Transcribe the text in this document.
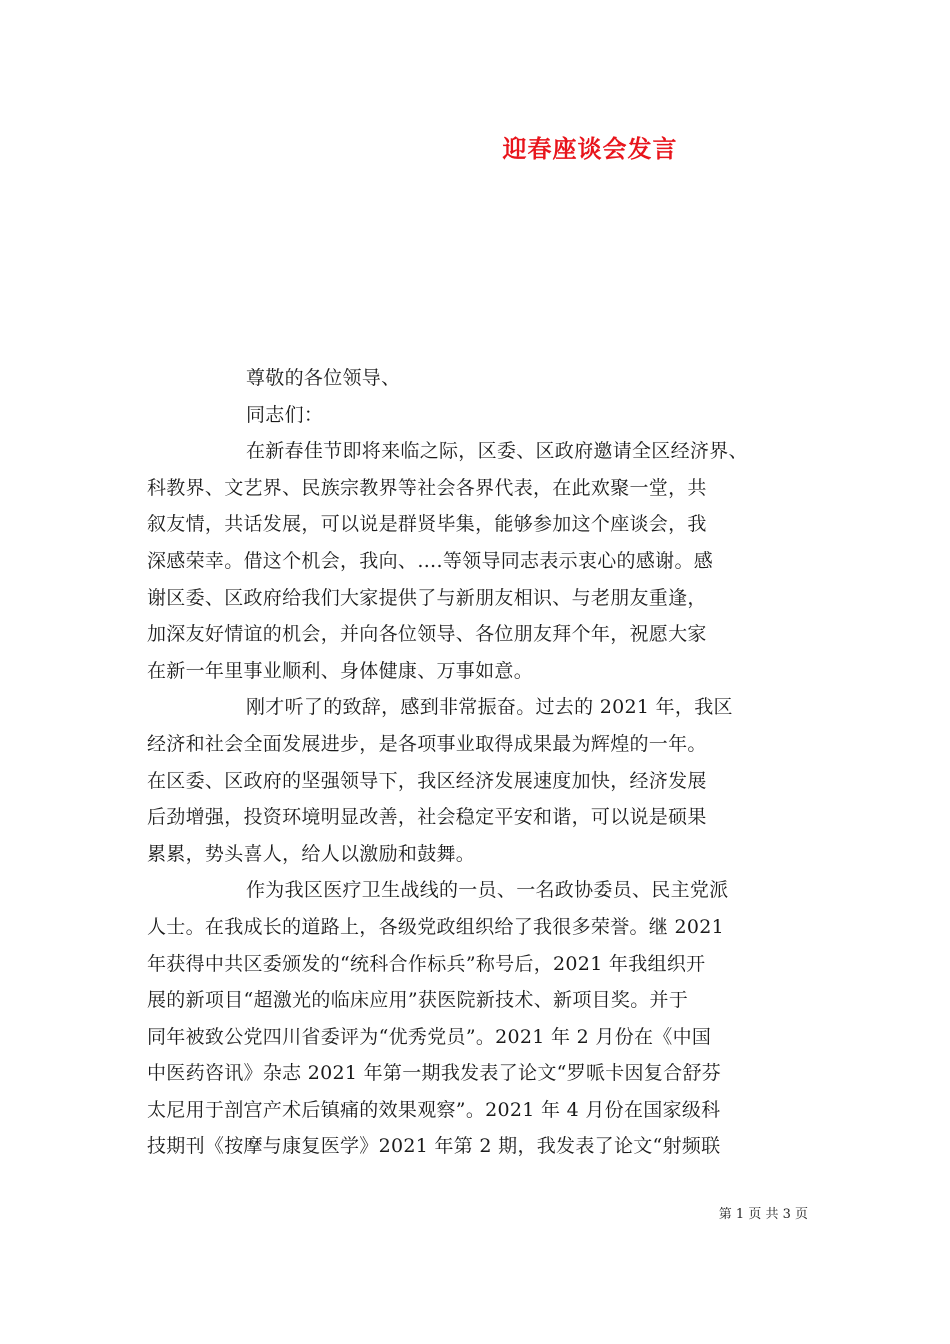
迎春座谈会发言

尊敬的各位领导、

同志们：

在新春佳节即将来临之际，区委、区政府邀请全区经济界、
科教界、文艺界、民族宗教界等社会各界代表，在此欢聚一堂，共
叙友情，共话发展，可以说是群贤毕集，能够参加这个座谈会，我
深感荣幸。借这个机会，我向、….等领导同志表示衷心的感谢。感
谢区委、区政府给我们大家提供了与新朋友相识、与老朋友重逢，
加深友好情谊的机会，并向各位领导、各位朋友拜个年，祝愿大家
在新一年里事业顺利、身体健康、万事如意。
刚才听了的致辞，感到非常振奋。过去的 2021 年，我区
经济和社会全面发展进步，是各项事业取得成果最为辉煌的一年。
在区委、区政府的坚强领导下，我区经济发展速度加快，经济发展
后劲增强，投资环境明显改善，社会稳定平安和谐，可以说是硕果
累累，势头喜人，给人以激励和鼓舞。
作为我区医疗卫生战线的一员、一名政协委员、民主党派
人士。在我成长的道路上，各级党政组织给了我很多荣誉。继 2021
年获得中共区委颁发的“统科合作标兵”称号后，2021 年我组织开
展的新项目“超激光的临床应用”获医院新技术、新项目奖。并于
同年被致公党四川省委评为“优秀党员”。2021 年 2 月份在《中国
中医药咨讯》杂志 2021 年第一期我发表了论文“罗哌卡因复合舒芬
太尼用于剖宫产术后镇痛的效果观察”。2021 年 4 月份在国家级科
技期刊《按摩与康复医学》2021 年第 2 期，我发表了论文“射频联
第 1 页 共 3 页
